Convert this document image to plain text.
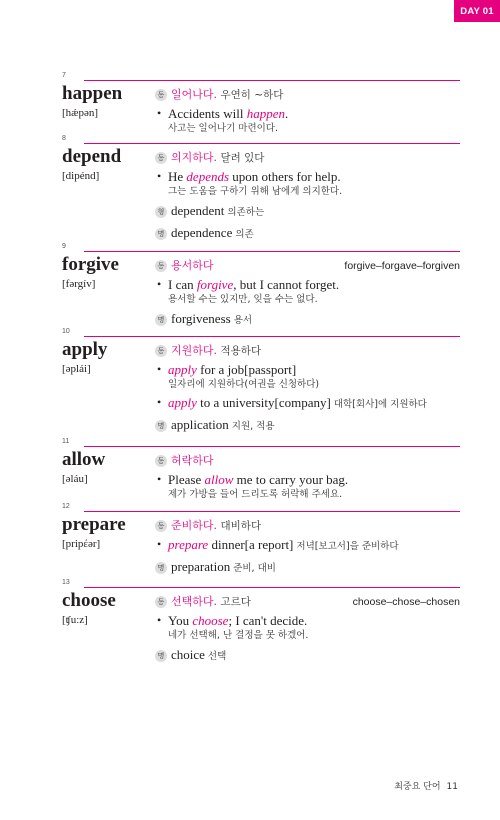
DAY 01
7
happen
[hǽpən]
동 일어나다. 우연히 ~하다
• Accidents will happen.
사고는 일어나기 마련이다.
8
depend
[dipénd]
동 의지하다. 달려 있다
• He depends upon others for help.
그는 도움을 구하기 위해 남에게 의지한다.
형 dependent 의존하는
명 dependence 의존
9
forgive
[fərgív]
동 용서하다	forgive–forgave–forgiven
• I can forgive, but I cannot forget.
용서할 수는 있지만, 잊을 수는 없다.
명 forgiveness 용서
10
apply
[əplái]
동 지원하다. 적용하다
• apply for a job[passport]
일자리에 지원하다(여권을 신청하다)
• apply to a university[company] 대학[회사]에 지원하다
명 application 지원, 적용
11
allow
[əláu]
동 허락하다
• Please allow me to carry your bag.
제가 가방을 들어 드리도록 허락해 주세요.
12
prepare
[pripέər]
동 준비하다. 대비하다
• prepare dinner[a report] 저녁[보고서]을 준비하다
명 preparation 준비, 대비
13
choose
[ʧuːz]
동 선택하다. 고르다	choose–chose–chosen
• You choose; I can't decide.
네가 선택해, 난 결정을 못 하겠어.
명 choice 선택
최중요 단어 11
